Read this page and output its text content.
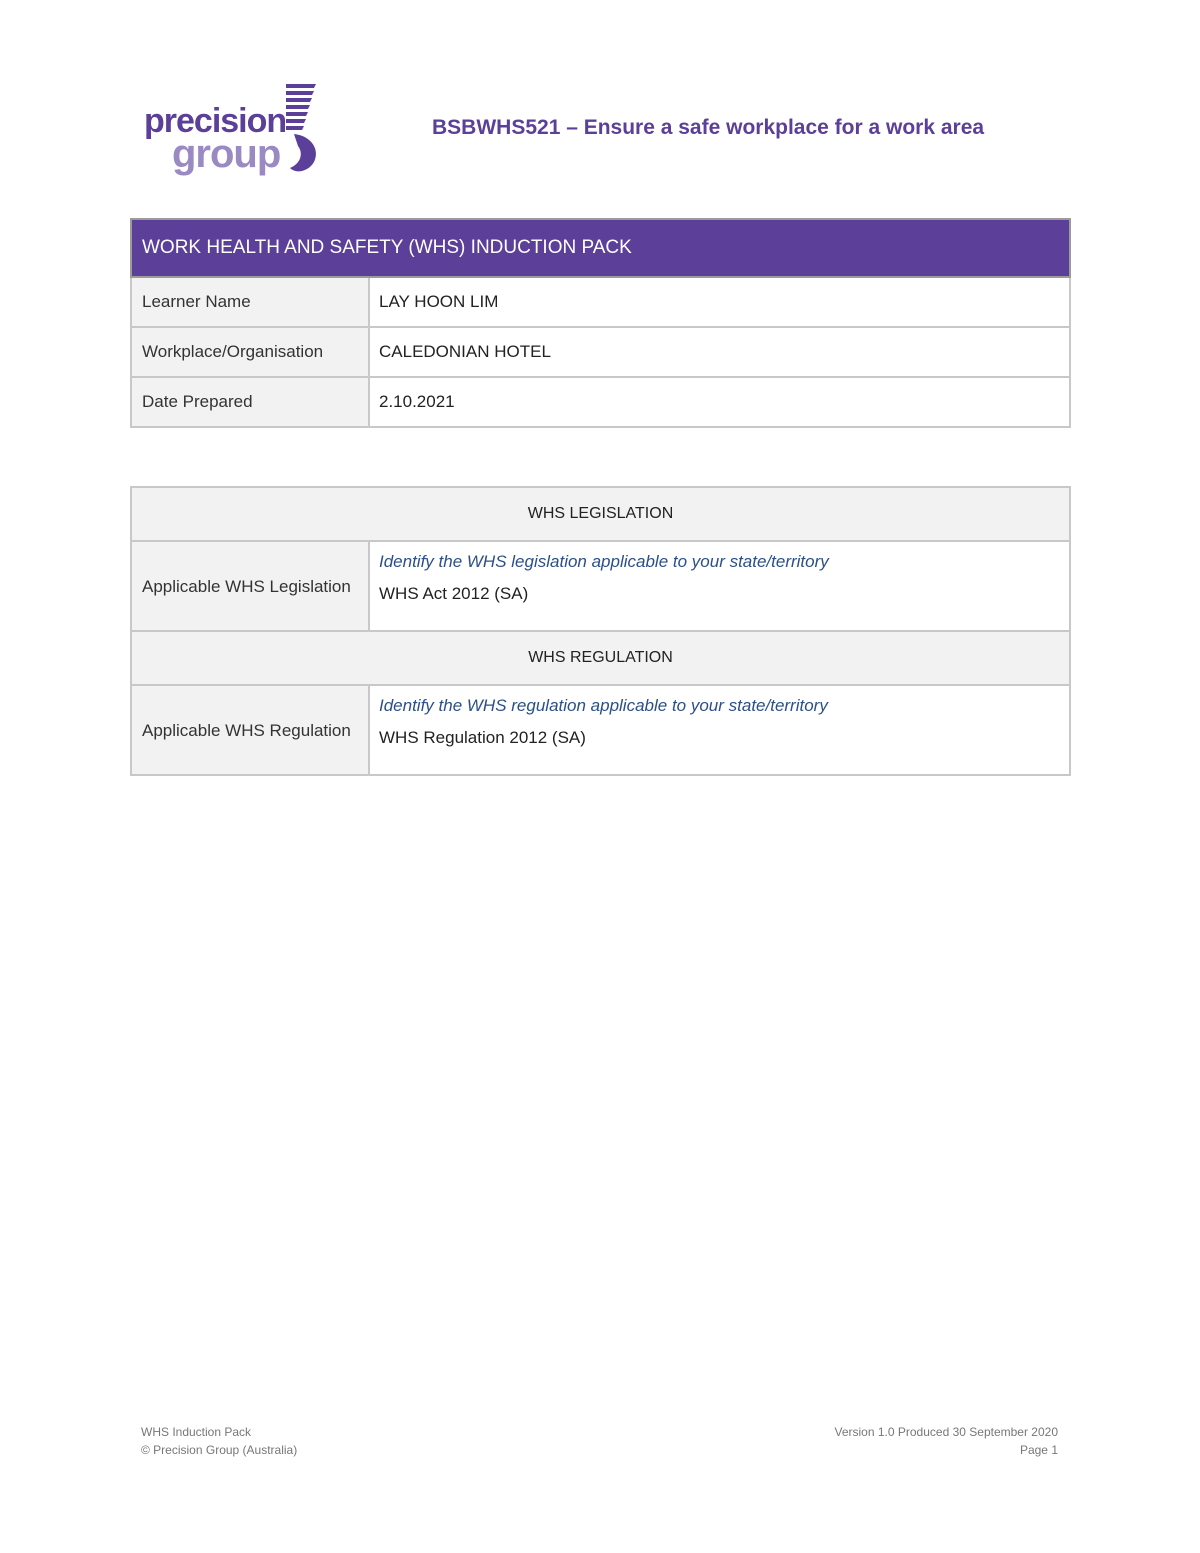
precision
group
BSBWHS521 – Ensure a safe workplace for a work area
WORK HEALTH AND SAFETY (WHS) INDUCTION PACK	
Learner Name	LAY HOON LIM
Workplace/Organisation	CALEDONIAN HOTEL
Date Prepared	2.10.2021
WHS LEGISLATION	
Applicable WHS Legislation	Identify the WHS legislation applicable to your state/territory
WHS Act 2012 (SA)

WHS REGULATION	
Applicable WHS Regulation	Identify the WHS regulation applicable to your state/territory
WHS Regulation 2012 (SA)
WHS Induction Pack
© Precision Group (Australia)
Version 1.0 Produced 30 September 2020
Page 1
